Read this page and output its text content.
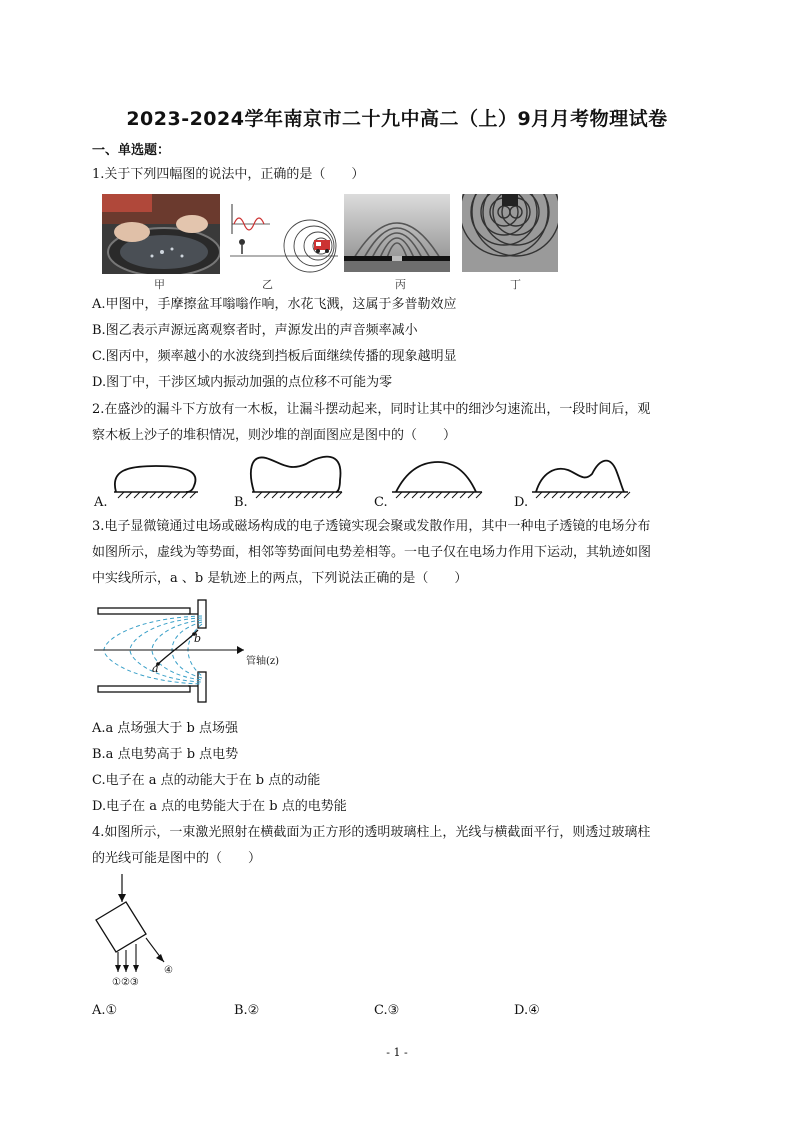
2023-2024学年南京市二十九中高二（上）9月月考物理试卷
一、单选题：
1.关于下列四幅图的说法中，正确的是（　　）
甲	乙	丙	丁
A.甲图中，手摩擦盆耳嗡嗡作响，水花飞溅，这属于多普勒效应
B.图乙表示声源远离观察者时，声源发出的声音频率减小
C.图丙中，频率越小的水波绕到挡板后面继续传播的现象越明显
D.图丁中，干涉区域内振动加强的点位移不可能为零
2.在盛沙的漏斗下方放有一木板，让漏斗摆动起来，同时让其中的细沙匀速流出，一段时间后，观
察木板上沙子的堆积情况，则沙堆的剖面图应是图中的（　　）
A.	B.	C.	D.
3.电子显微镜通过电场或磁场构成的电子透镜实现会聚或发散作用，其中一种电子透镜的电场分布
如图所示，虚线为等势面，相邻等势面间电势差相等。一电子仅在电场力作用下运动，其轨迹如图
中实线所示，a 、b 是轨迹上的两点，下列说法正确的是（　　）
a
b
管轴(z)
A.a 点场强大于 b 点场强
B.a 点电势高于 b 点电势
C.电子在 a 点的动能大于在 b 点的动能
D.电子在 a 点的电势能大于在 b 点的电势能
4.如图所示，一束激光照射在横截面为正方形的透明玻璃柱上，光线与横截面平行，则透过玻璃柱
的光线可能是图中的（　　）
①②③
④
A.①	B.②	C.③	D.④
- 1 -
